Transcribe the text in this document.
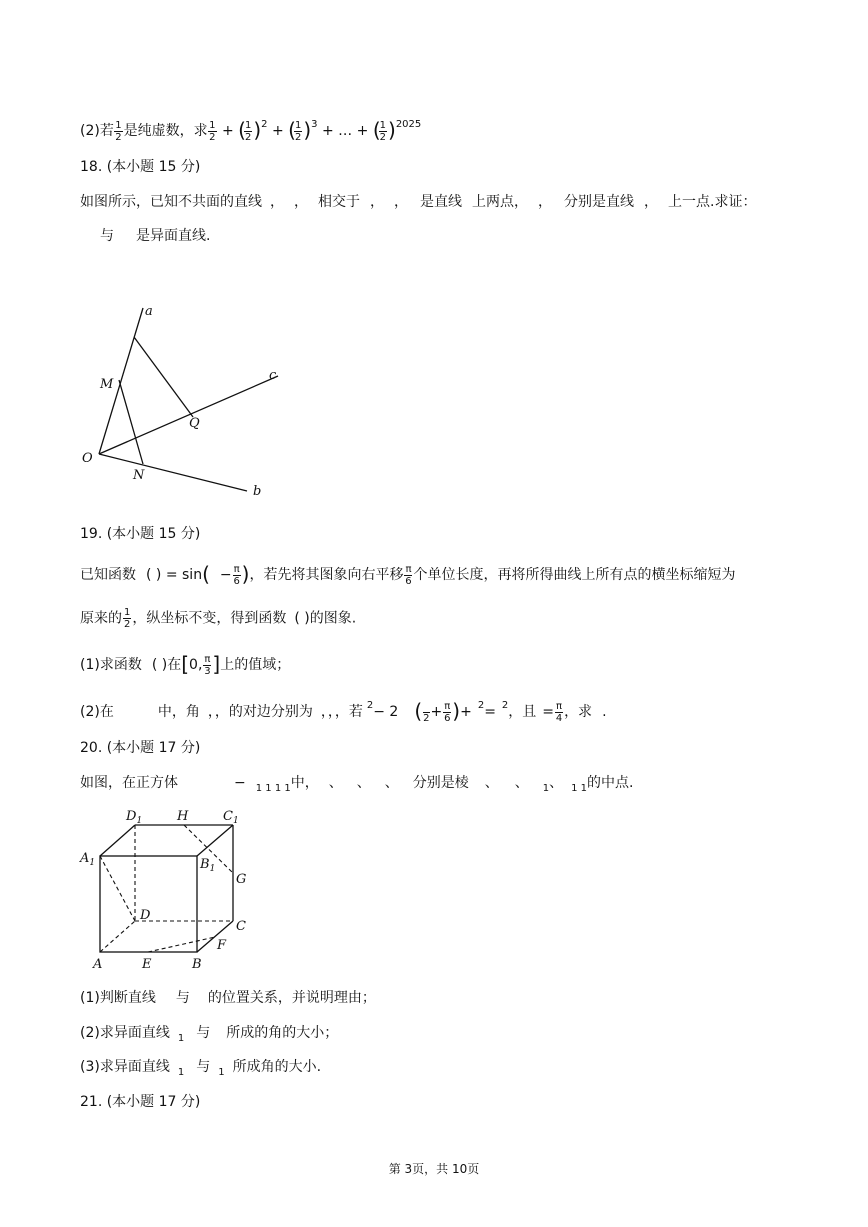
(2)若 $\frac{1}{2}$ 是纯虚数，求 $\frac{1}{2}$ + (
$\frac{1}{2} )^2$ + (
$\frac{1}{2} )^3$ + … + (
$\frac{1}{2} )^{2025}$
18. (本小题 15 分)
如图所示，已知不共面的直线 ， ， 相交于 ， ， 是直线 上两点， ， 分别是直线 ， 上一点.求证：
与 是异面直线.
a
c
b
M
Q
O
N
19. (本小题 15 分)
已知函数 ( ) = $\sin( - \frac{\pi}{6}$ )，若先将其图象向右平移 $\frac{\pi}{6}$ 个单位长度，再将所得曲线上所有点的横坐标缩短为
原来的 $\frac{1}{2}$ ，纵坐标不变，得到函数 ( )的图象.
(1)求函数 ( )在[0, $\frac{\pi}{3}$ ]上的值域；
(2)在	中，角 ，，的对边分别为 ，，，若 $^2$− 2 (
$2 + \frac{\pi}{6}$ )+ $^2$= $^2$，且 = $\frac{\pi}{4}$ ，求 .
20. (本小题 17 分)
如图，在正方体	− $_{1 1 1 1}$中， 、 、 、 分别是棱 、 、 $_1$、 $_{1 1}$的中点.
$D_1$	H	$C_1$
$A_1$	$B_1$
G
D
C
F
A	E	B
(1)判断直线 与 的位置关系，并说明理由；
(2)求异面直线 $_1$ 与 所成的角的大小；
(3)求异面直线 $_1$ 与 $_1$ 所成角的大小.
21. (本小题 17 分)
第 3页，共 10页
